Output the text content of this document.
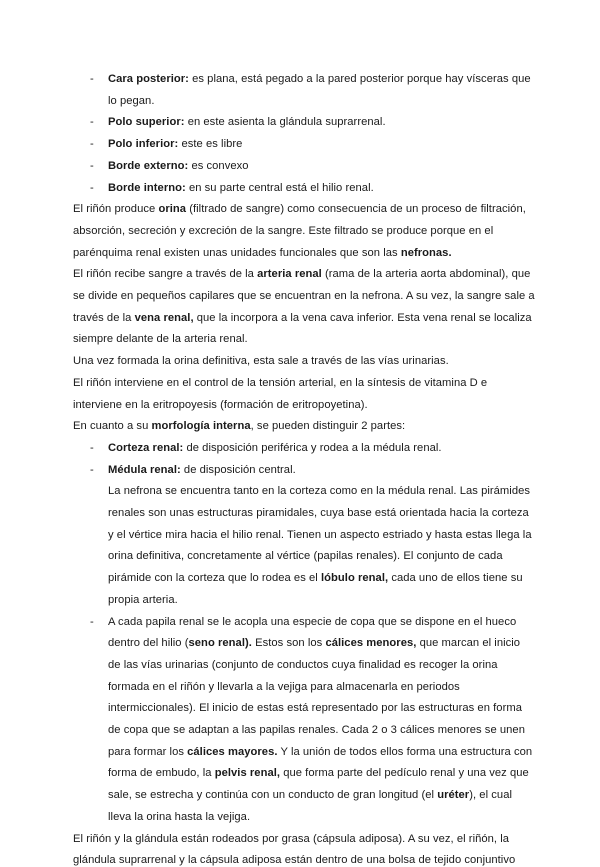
- Cara posterior: es plana, está pegado a la pared posterior porque hay vísceras que
lo pegan.
- Polo superior: en este asienta la glándula suprarrenal.
- Polo inferior: este es libre
- Borde externo: es convexo
- Borde interno: en su parte central está el hilio renal.
El riñón produce orina (filtrado de sangre) como consecuencia de un proceso de filtración,
absorción, secreción y excreción de la sangre. Este filtrado se produce porque en el
parénquima renal existen unas unidades funcionales que son las nefronas.
El riñón recibe sangre a través de la arteria renal (rama de la arteria aorta abdominal), que
se divide en pequeños capilares que se encuentran en la nefrona. A su vez, la sangre sale a
través de la vena renal, que la incorpora a la vena cava inferior. Esta vena renal se localiza
siempre delante de la arteria renal.
Una vez formada la orina definitiva, esta sale a través de las vías urinarias.
El riñón interviene en el control de la tensión arterial, en la síntesis de vitamina D e
interviene en la eritropoyesis (formación de eritropoyetina).
En cuanto a su morfología interna, se pueden distinguir 2 partes:
- Corteza renal: de disposición periférica y rodea a la médula renal.
- Médula renal: de disposición central.
La nefrona se encuentra tanto en la corteza como en la médula renal. Las pirámides
renales son unas estructuras piramidales, cuya base está orientada hacia la corteza
y el vértice mira hacia el hilio renal. Tienen un aspecto estriado y hasta estas llega la
orina definitiva, concretamente al vértice (papilas renales). El conjunto de cada
pirámide con la corteza que lo rodea es el lóbulo renal, cada uno de ellos tiene su
propia arteria.
- A cada papila renal se le acopla una especie de copa que se dispone en el hueco
dentro del hilio (seno renal). Estos son los cálices menores, que marcan el inicio
de las vías urinarias (conjunto de conductos cuya finalidad es recoger la orina
formada en el riñón y llevarla a la vejiga para almacenarla en periodos
intermiccionales). El inicio de estas está representado por las estructuras en forma
de copa que se adaptan a las papilas renales. Cada 2 o 3 cálices menores se unen
para formar los cálices mayores. Y la unión de todos ellos forma una estructura con
forma de embudo, la pelvis renal, que forma parte del pedículo renal y una vez que
sale, se estrecha y continúa con un conducto de gran longitud (el uréter), el cual
lleva la orina hasta la vejiga.
El riñón y la glándula están rodeados por grasa (cápsula adiposa). A su vez, el riñón, la
glándula suprarrenal y la cápsula adiposa están dentro de una bolsa de tejido conjuntivo
